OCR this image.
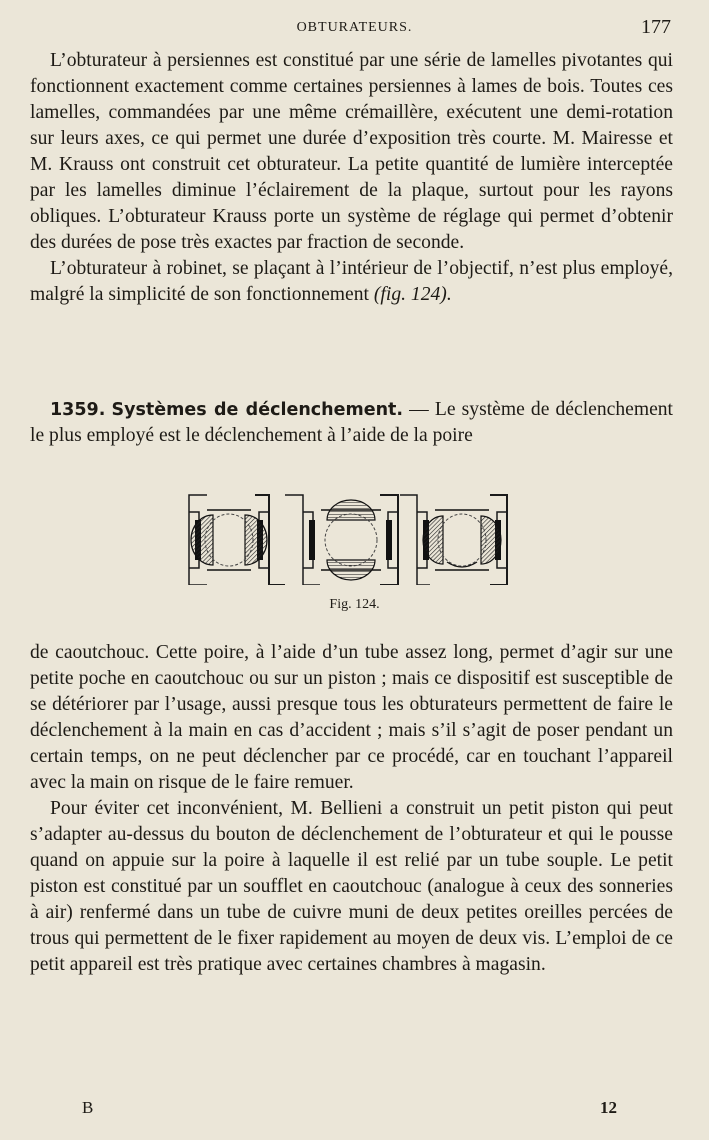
OBTURATEURS.	177

L’obturateur à persiennes est constitué par une série de lamelles pivotantes qui fonctionnent exactement comme certaines persiennes à lames de bois. Toutes ces lamelles, commandées par une même crémaillère, exécutent une demi-rotation sur leurs axes, ce qui permet une durée d’exposition très courte. M. Mairesse et M. Krauss ont construit cet obturateur. La petite quantité de lumière interceptée par les lamelles diminue l’éclairement de la plaque, surtout pour les rayons obliques. L’obturateur Krauss porte un système de réglage qui permet d’obtenir des durées de pose très exactes par fraction de seconde.

L’obturateur à robinet, se plaçant à l’intérieur de l’objectif, n’est plus employé, malgré la simplicité de son fonctionnement (fig. 124).

1359. Systèmes de déclenchement. — Le système de déclenchement le plus employé est le déclenchement à l’aide de la poire

Fig. 124.

de caoutchouc. Cette poire, à l’aide d’un tube assez long, permet d’agir sur une petite poche en caoutchouc ou sur un piston ; mais ce dispositif est susceptible de se détériorer par l’usage, aussi presque tous les obturateurs permettent de faire le déclenchement à la main en cas d’accident ; mais s’il s’agit de poser pendant un certain temps, on ne peut déclencher par ce procédé, car en touchant l’appareil avec la main on risque de le faire remuer.

Pour éviter cet inconvénient, M. Bellieni a construit un petit piston qui peut s’adapter au-dessus du bouton de déclenchement de l’obturateur et qui le pousse quand on appuie sur la poire à laquelle il est relié par un tube souple. Le petit piston est constitué par un soufflet en caoutchouc (analogue à ceux des sonneries à air) renfermé dans un tube de cuivre muni de deux petites oreilles percées de trous qui permettent de le fixer rapidement au moyen de deux vis. L’emploi de ce petit appareil est très pratique avec certaines chambres à magasin.

B	12
